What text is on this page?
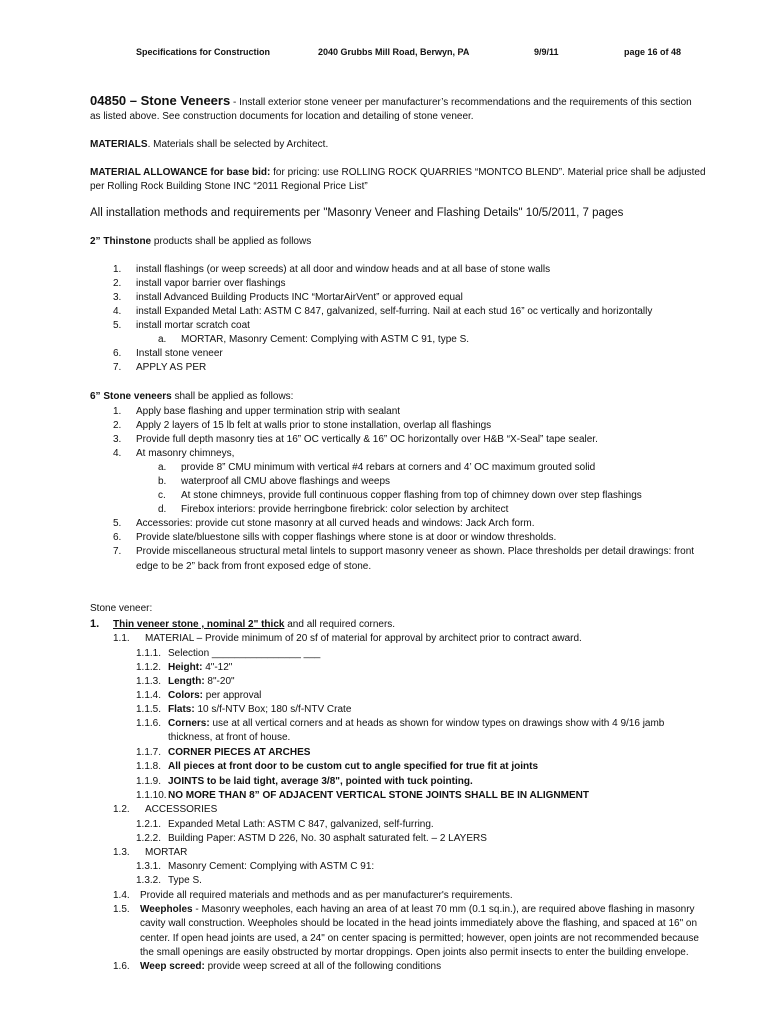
Specifications for Construction	2040 Grubbs Mill Road, Berwyn, PA	9/9/11	page 16 of 48
04850 – Stone Veneers - Install exterior stone veneer per manufacturer’s recommendations and the requirements of this section
as listed above. See construction documents for location and detailing of stone veneer.
MATERIALS. Materials shall be selected by Architect.
MATERIAL ALLOWANCE for base bid: for pricing: use ROLLING ROCK QUARRIES “MONTCO BLEND”. Material price shall be adjusted
per Rolling Rock Building Stone INC “2011 Regional Price List”
All installation methods and requirements per "Masonry Veneer and Flashing Details" 10/5/2011, 7 pages
2” Thinstone products shall be applied as follows
1. install flashings (or weep screeds) at all door and window heads and at all base of stone walls
2. install vapor barrier over flashings
3. install Advanced Building Products INC “MortarAirVent” or approved equal
4. install Expanded Metal Lath: ASTM C 847, galvanized, self-furring. Nail at each stud 16” oc vertically and horizontally
5. install mortar scratch coat
a. MORTAR, Masonry Cement: Complying with ASTM C 91, type S.
6. Install stone veneer
7. APPLY AS PER
6” Stone veneers shall be applied as follows:
1. Apply base flashing and upper termination strip with sealant
2. Apply 2 layers of 15 lb felt at walls prior to stone installation, overlap all flashings
3. Provide full depth masonry ties at 16” OC vertically & 16” OC horizontally over H&B “X-Seal” tape sealer.
4. At masonry chimneys,
a. provide 8” CMU minimum with vertical #4 rebars at corners and 4’ OC maximum grouted solid
b. waterproof all CMU above flashings and weeps
c. At stone chimneys, provide full continuous copper flashing from top of chimney down over step flashings
d. Firebox interiors: provide herringbone firebrick: color selection by architect
5. Accessories: provide cut stone masonry at all curved heads and windows: Jack Arch form.
6. Provide slate/bluestone sills with copper flashings where stone is at door or window thresholds.
7. Provide miscellaneous structural metal lintels to support masonry veneer as shown. Place thresholds per detail drawings: front
edge to be 2” back from front exposed edge of stone.
Stone veneer:
1. Thin veneer stone , nominal 2" thick and all required corners.
1.1. MATERIAL – Provide minimum of 20 sf of material for approval by architect prior to contract award.
1.1.1. Selection ________________ ___
1.1.2. Height: 4"-12"
1.1.3. Length: 8"-20"
1.1.4. Colors: per approval
1.1.5. Flats: 10 s/f-NTV Box; 180 s/f-NTV Crate
1.1.6. Corners: use at all vertical corners and at heads as shown for window types on drawings show with 4 9/16 jamb
thickness, at front of house.
1.1.7. CORNER PIECES AT ARCHES
1.1.8. All pieces at front door to be custom cut to angle specified for true fit at joints
1.1.9. JOINTS to be laid tight, average 3/8", pointed with tuck pointing.
1.1.10. NO MORE THAN 8” OF ADJACENT VERTICAL STONE JOINTS SHALL BE IN ALIGNMENT
1.2. ACCESSORIES
1.2.1. Expanded Metal Lath: ASTM C 847, galvanized, self-furring.
1.2.2. Building Paper: ASTM D 226, No. 30 asphalt saturated felt. – 2 LAYERS
1.3. MORTAR
1.3.1. Masonry Cement: Complying with ASTM C 91:
1.3.2. Type S.
1.4. Provide all required materials and methods and as per manufacturer's requirements.
1.5. Weepholes - Masonry weepholes, each having an area of at least 70 mm (0.1 sq.in.), are required above flashing in masonry
cavity wall construction. Weepholes should be located in the head joints immediately above the flashing, and spaced at 16" on
center. If open head joints are used, a 24" on center spacing is permitted; however, open joints are not recommended because
the small openings are easily obstructed by mortar droppings. Open joints also permit insects to enter the building envelope.
1.6. Weep screed: provide weep screed at all of the following conditions
